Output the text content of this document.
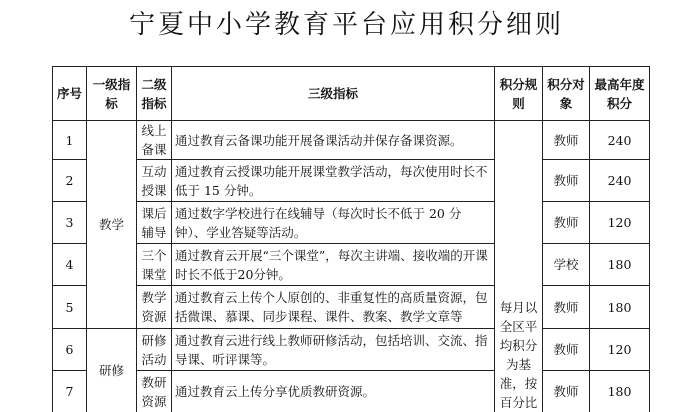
宁夏中小学教育平台应用积分细则
序号	一级指标	二级指标	三级指标	积分规则	积分对象	最高年度积分
1	教学	线上备课	通过教育云备课功能开展备课活动并保存备课资源。	每月以全区平均积分为基准，按百分比	教师	240
2		互动授课	通过教育云授课功能开展课堂教学活动，每次使用时长不低于 15 分钟。		教师	240
3		课后辅导	通过数字学校进行在线辅导（每次时长不低于 20 分钟）、学业答疑等活动。		教师	120
4		三个课堂	通过教育云开展“三个课堂”，每次主讲端、接收端的开课时长不低于20分钟。		学校	180
5		教学资源	通过教育云上传个人原创的、非重复性的高质量资源，包括微课、慕课、同步课程、课件、教案、教学文章等		教师	180
6	研修	研修活动	通过教育云进行线上教师研修活动，包括培训、交流、指导课、听评课等。		教师	120
7		教研资源	通过教育云上传分享优质教研资源。		教师	180
